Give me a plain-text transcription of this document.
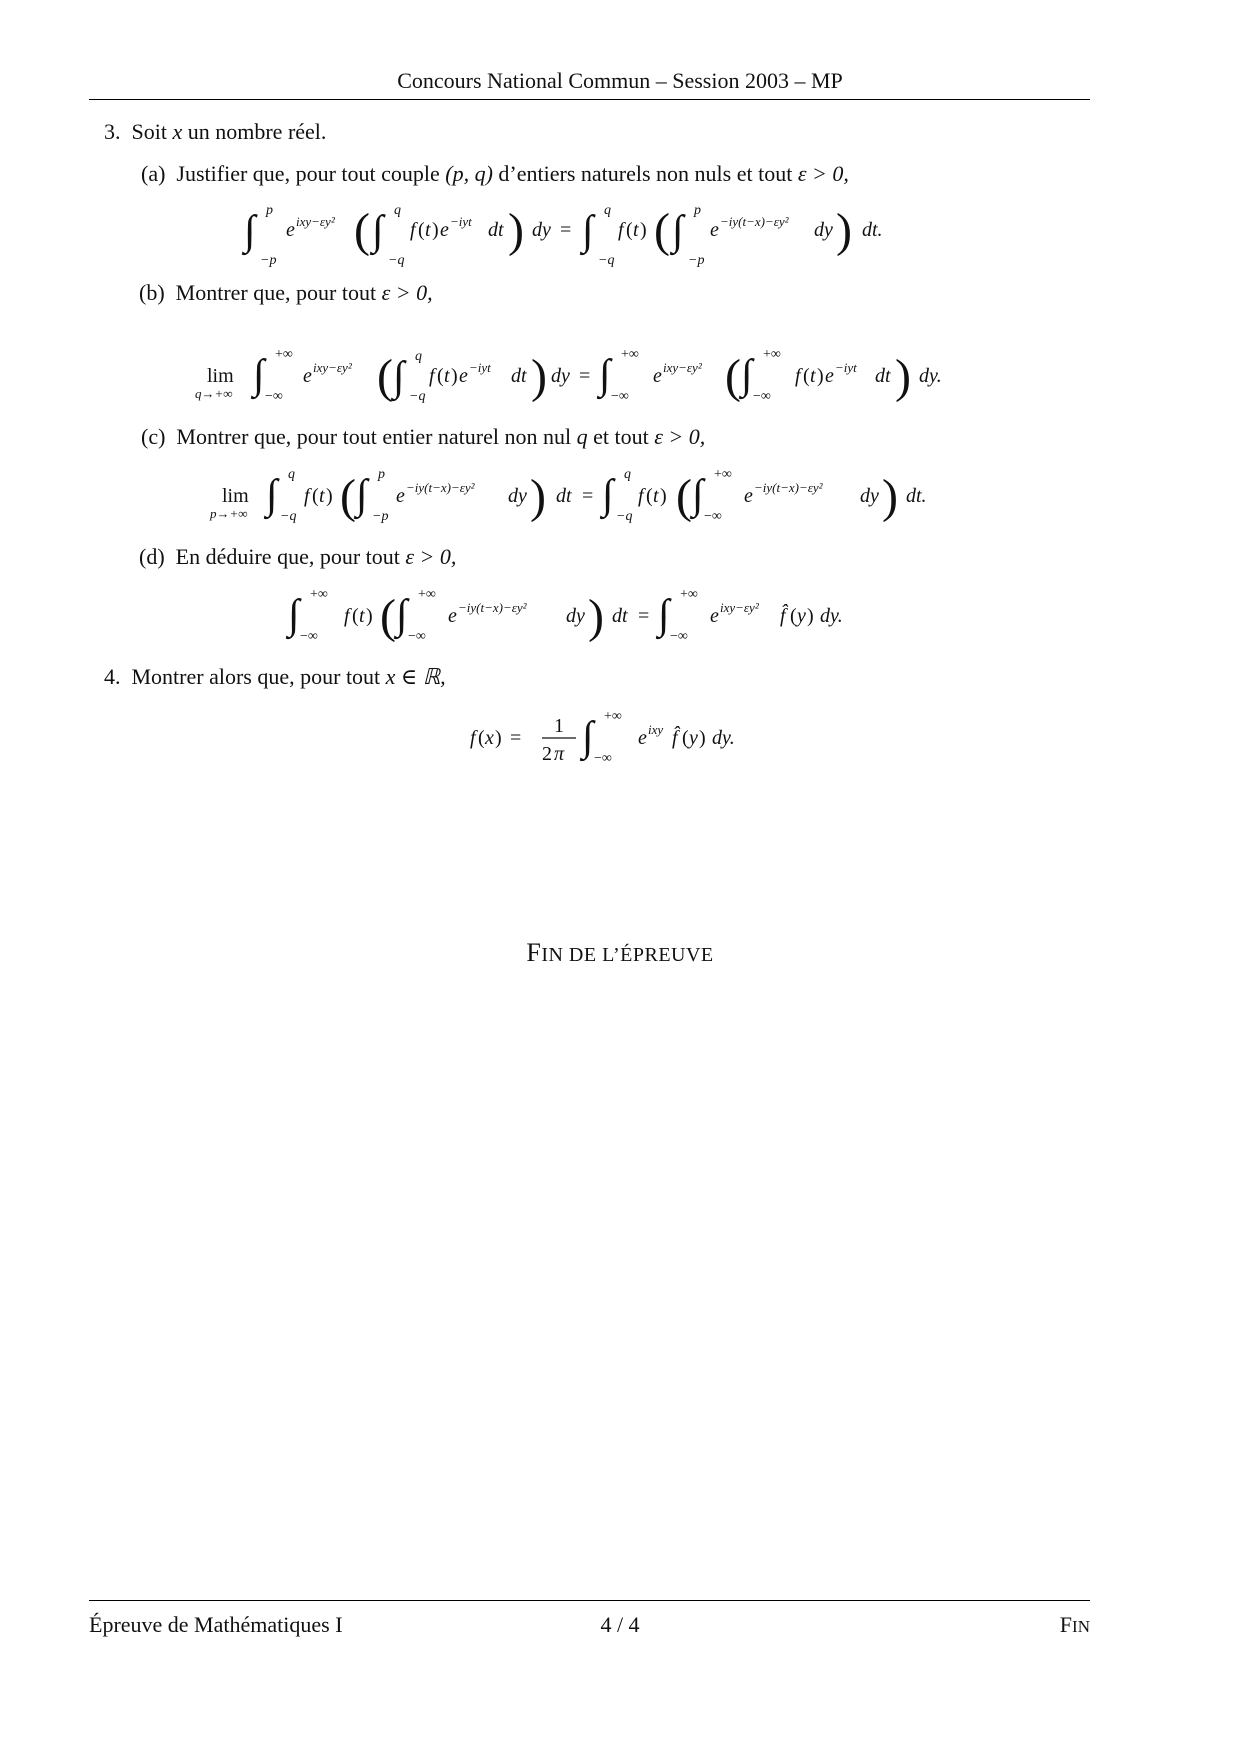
Concours National Commun – Session 2003 – MP
3. Soit x un nombre réel.
(a) Justifier que, pour tout couple (p, q) d’entiers naturels non nuls et tout ε > 0,
∫ p
−p
e ixy−εy² ( ∫ q
−q
f ( t ) e −iyt dt ) dy = ∫ q
−q
f ( t ) ( ∫ p
−p
e −iy(t−x)−εy² dy ) dt.
(b) Montrer que, pour tout ε > 0,
lim
q→+∞ ∫ +∞
−∞
e ixy−εy² ( ∫ q
−q
f ( t ) e −iyt dt ) dy = ∫ +∞
−∞
e ixy−εy² ( ∫ +∞
−∞
f ( t ) e −iyt dt ) dy.
(c) Montrer que, pour tout entier naturel non nul q et tout ε > 0,
lim
p→+∞ ∫ q
−q
f ( t ) ( ∫ p
−p
e −iy(t−x)−εy² dy ) dt = ∫ q
−q
f ( t ) ( ∫ +∞
−∞
e −iy(t−x)−εy² dy ) dt.
(d) En déduire que, pour tout ε > 0,
∫ +∞
−∞
f ( t ) ( ∫ +∞
−∞
e −iy(t−x)−εy² dy ) dt = ∫ +∞
−∞
e ixy−εy² f̂ ( y ) dy.
4. Montrer alors que, pour tout x ∈ ℝ,
f ( x ) =
1
2 π ∫ +∞
−∞
e ixy f̂ ( y ) dy.
FIN DE L’ÉPREUVE
Épreuve de Mathématiques I	4 / 4	FIN
